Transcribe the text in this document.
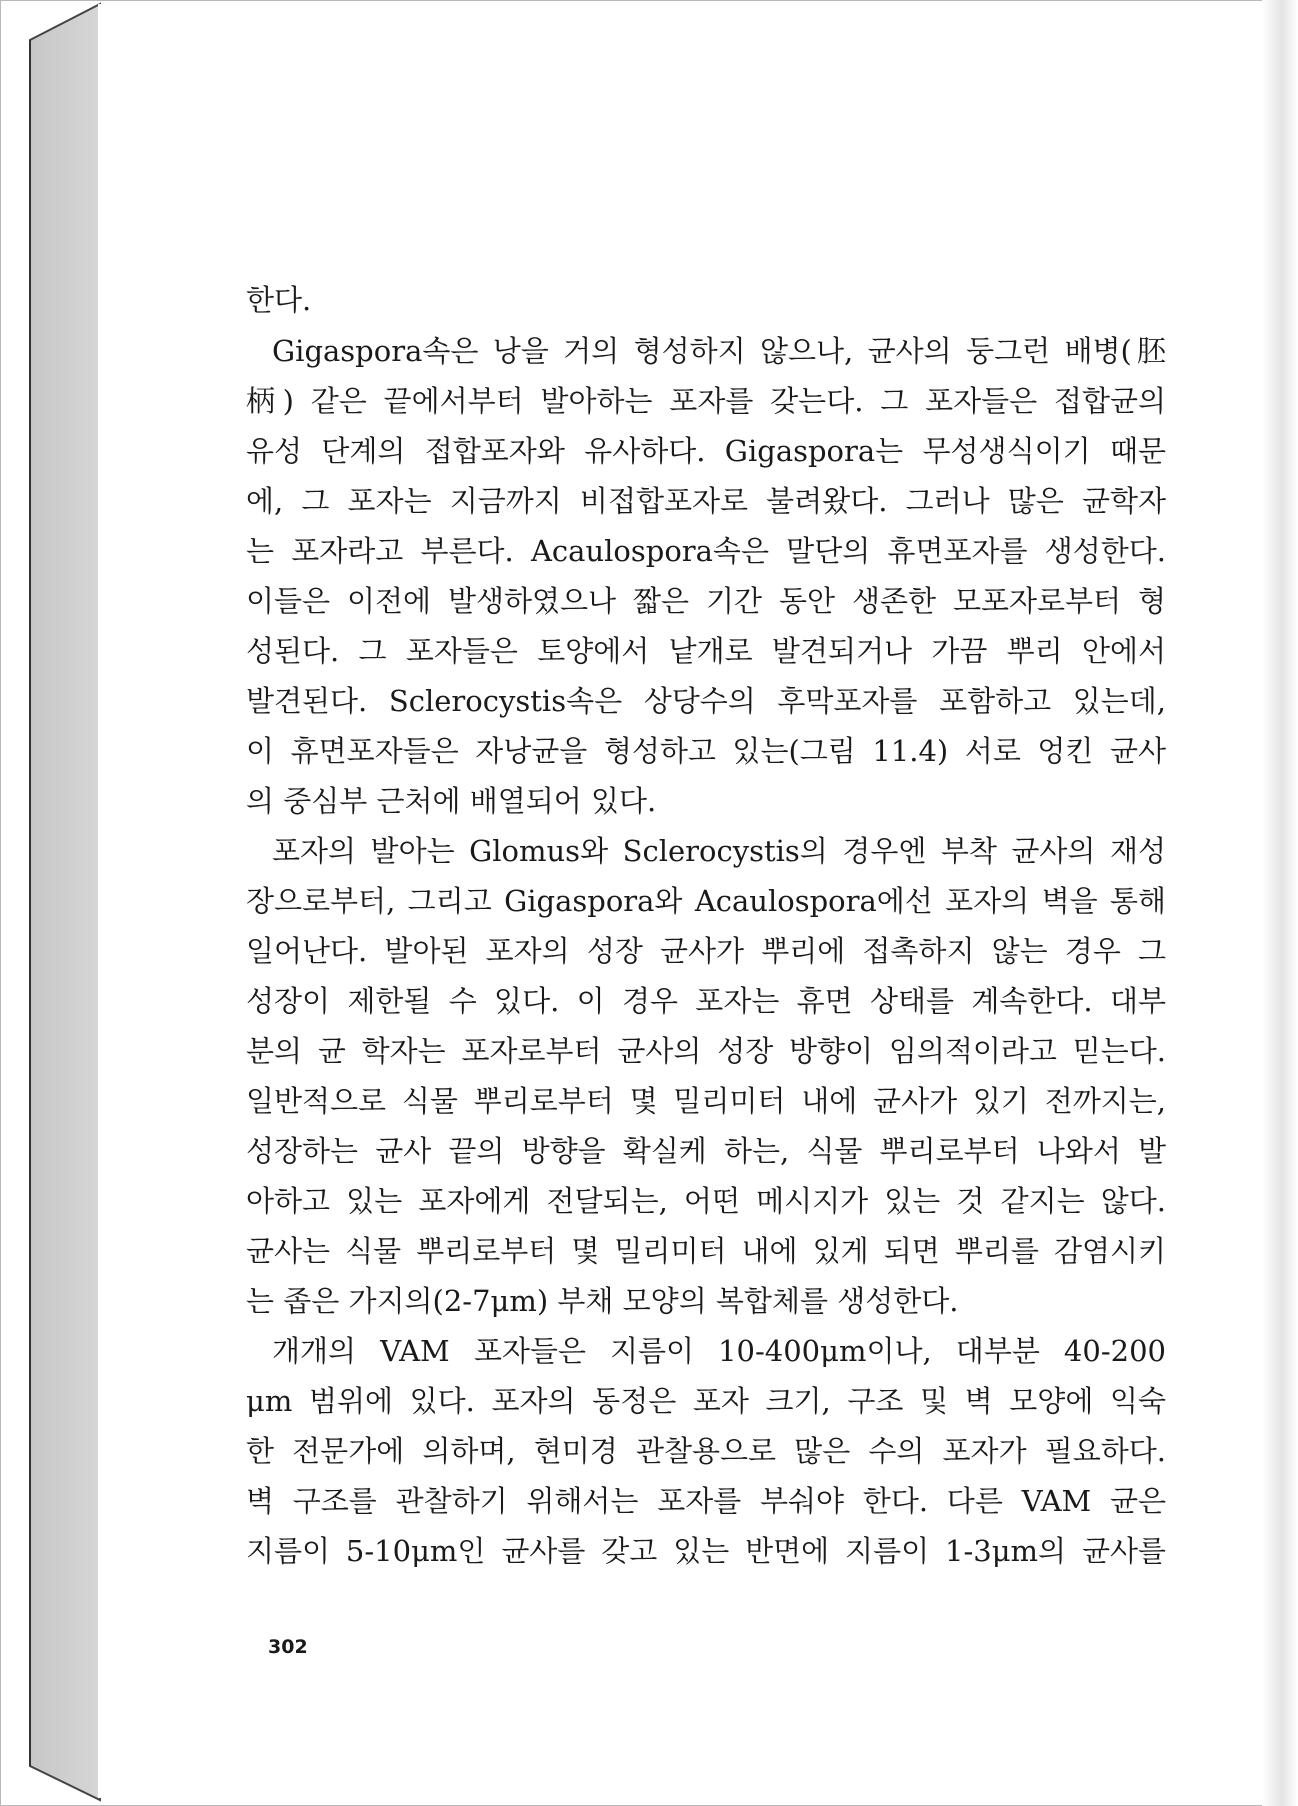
한다.
Gigaspora속은 낭을 거의 형성하지 않으나, 균사의 둥그런 배병(胚
柄) 같은 끝에서부터 발아하는 포자를 갖는다. 그 포자들은 접합균의
유성 단계의 접합포자와 유사하다. Gigaspora는 무성생식이기 때문
에, 그 포자는 지금까지 비접합포자로 불려왔다. 그러나 많은 균학자
는 포자라고 부른다. Acaulospora속은 말단의 휴면포자를 생성한다.
이들은 이전에 발생하였으나 짧은 기간 동안 생존한 모포자로부터 형
성된다. 그 포자들은 토양에서 낱개로 발견되거나 가끔 뿌리 안에서
발견된다. Sclerocystis속은 상당수의 후막포자를 포함하고 있는데,
이 휴면포자들은 자낭균을 형성하고 있는(그림 11.4) 서로 엉킨 균사
의 중심부 근처에 배열되어 있다.
포자의 발아는 Glomus와 Sclerocystis의 경우엔 부착 균사의 재성
장으로부터, 그리고 Gigaspora와 Acaulospora에선 포자의 벽을 통해
일어난다. 발아된 포자의 성장 균사가 뿌리에 접촉하지 않는 경우 그
성장이 제한될 수 있다. 이 경우 포자는 휴면 상태를 계속한다. 대부
분의 균 학자는 포자로부터 균사의 성장 방향이 임의적이라고 믿는다.
일반적으로 식물 뿌리로부터 몇 밀리미터 내에 균사가 있기 전까지는,
성장하는 균사 끝의 방향을 확실케 하는, 식물 뿌리로부터 나와서 발
아하고 있는 포자에게 전달되는, 어떤 메시지가 있는 것 같지는 않다.
균사는 식물 뿌리로부터 몇 밀리미터 내에 있게 되면 뿌리를 감염시키
는 좁은 가지의(2-7μm) 부채 모양의 복합체를 생성한다.
개개의 VAM 포자들은 지름이 10-400μm이나, 대부분 40-200
μm 범위에 있다. 포자의 동정은 포자 크기, 구조 및 벽 모양에 익숙
한 전문가에 의하며, 현미경 관찰용으로 많은 수의 포자가 필요하다.
벽 구조를 관찰하기 위해서는 포자를 부숴야 한다. 다른 VAM 균은
지름이 5-10μm인 균사를 갖고 있는 반면에 지름이 1-3μm의 균사를
302
